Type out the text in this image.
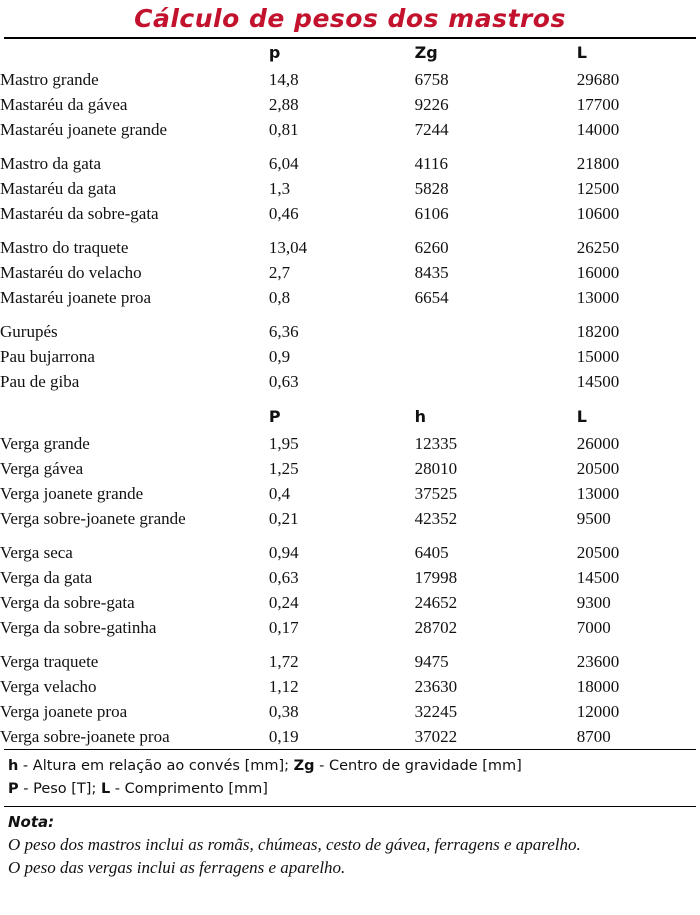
Cálculo de pesos dos mastros
	p	Zg	L
Mastro grande	14,8	6758	29680
Mastaréu da gávea	2,88	9226	17700
Mastaréu joanete grande	0,81	7244	14000

Mastro da gata	6,04	4116	21800
Mastaréu da gata	1,3	5828	12500
Mastaréu da sobre-gata	0,46	6106	10600

Mastro do traquete	13,04	6260	26250
Mastaréu do velacho	2,7	8435	16000
Mastaréu joanete proa	0,8	6654	13000

Gurupés	6,36		18200
Pau bujarrona	0,9		15000
Pau de giba	0,63		14500

	P	h	L
Verga grande	1,95	12335	26000
Verga gávea	1,25	28010	20500
Verga joanete grande	0,4	37525	13000
Verga sobre-joanete grande	0,21	42352	9500

Verga seca	0,94	6405	20500
Verga da gata	0,63	17998	14500
Verga da sobre-gata	0,24	24652	9300
Verga da sobre-gatinha	0,17	28702	7000

Verga traquete	1,72	9475	23600
Verga velacho	1,12	23630	18000
Verga joanete proa	0,38	32245	12000
Verga sobre-joanete proa	0,19	37022	8700
h - Altura em relação ao convés [mm]; Zg - Centro de gravidade [mm]
P - Peso [T]; L - Comprimento [mm]
Nota:
O peso dos mastros inclui as romãs, chúmeas, cesto de gávea, ferragens e aparelho.
O peso das vergas inclui as ferragens e aparelho.
